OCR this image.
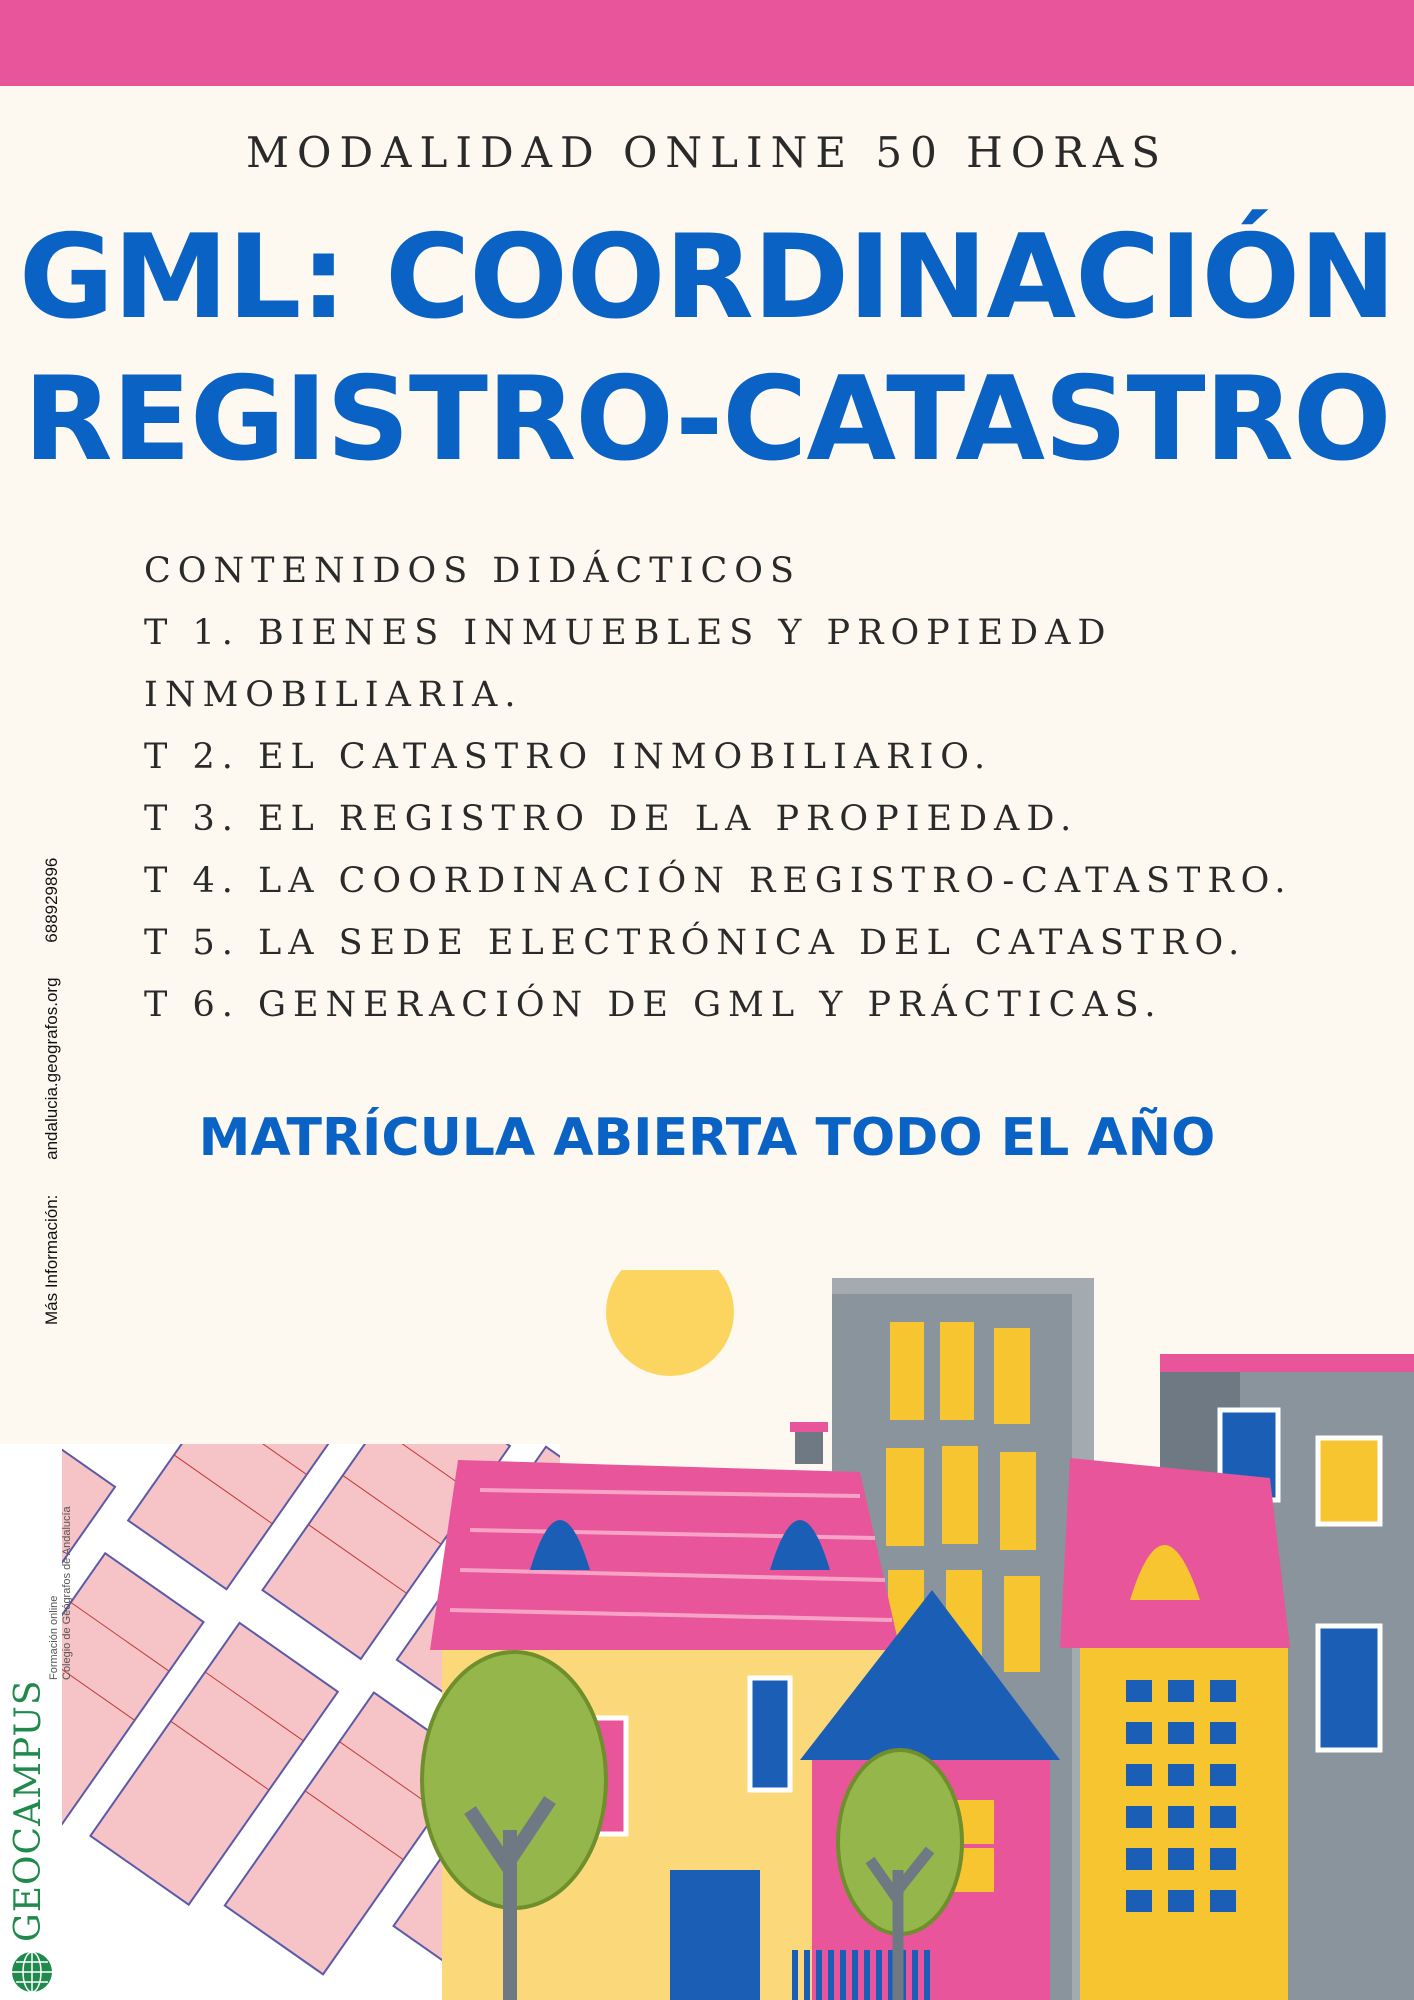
MODALIDAD ONLINE 50 HORAS
GML: COORDINACIÓN
REGISTRO-CATASTRO
CONTENIDOS DIDÁCTICOS
T 1. BIENES INMUEBLES Y PROPIEDAD
INMOBILIARIA.
T 2. EL CATASTRO INMOBILIARIO.
T 3. EL REGISTRO DE LA PROPIEDAD.
T 4. LA COORDINACIÓN REGISTRO-CATASTRO.
T 5. LA SEDE ELECTRÓNICA DEL CATASTRO.
T 6. GENERACIÓN DE GML Y PRÁCTICAS.
MATRÍCULA ABIERTA TODO EL AÑO
Más Información: andalucia.geografos.org 688929896
GEOCAMPUS
Formación online Colegio de Geógrafos de Andalucía
